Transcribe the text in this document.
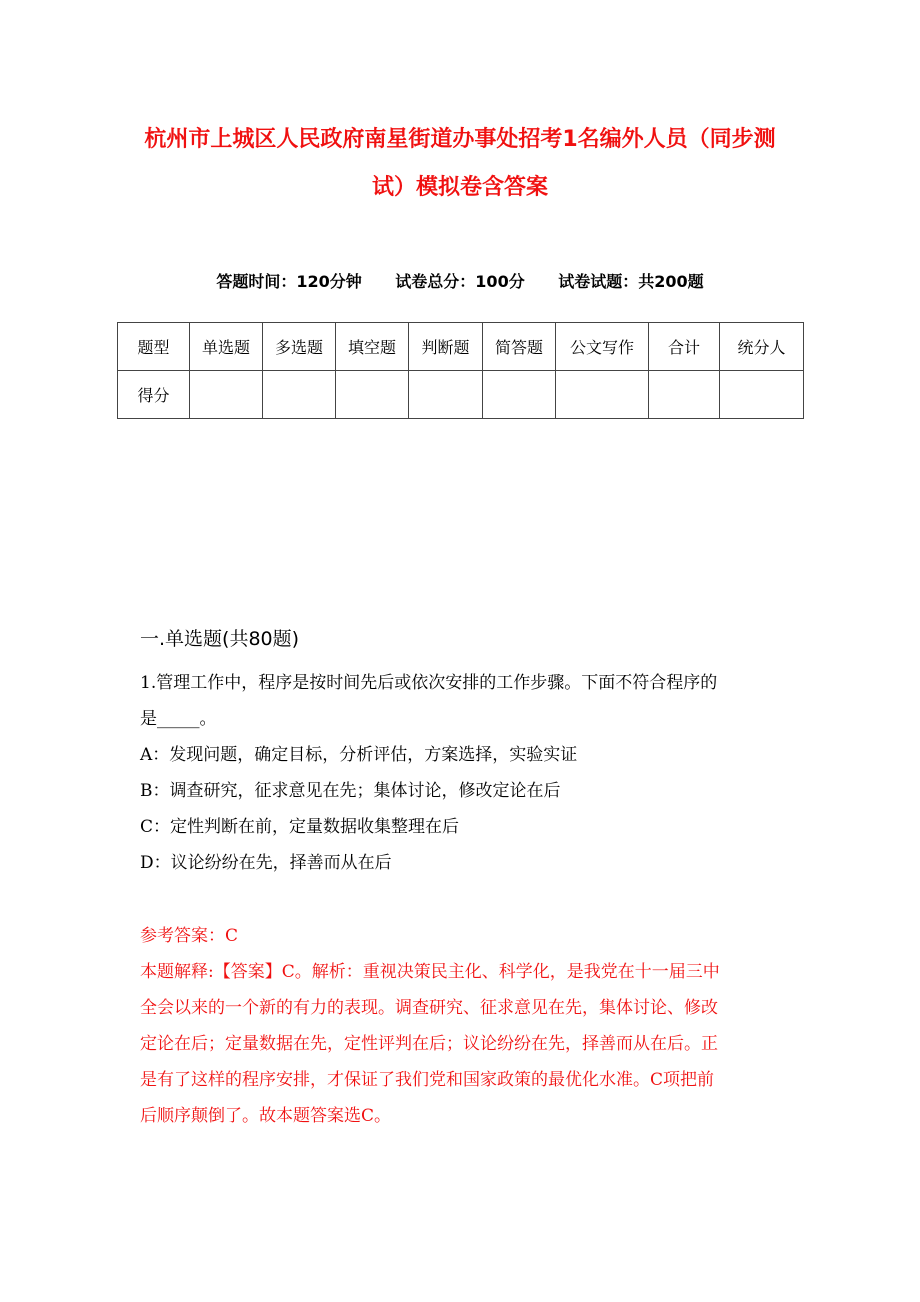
杭州市上城区人民政府南星街道办事处招考1名编外人员（同步测
试）模拟卷含答案
答题时间：120分钟 试卷总分：100分 试卷试题：共200题
题型	单选题	多选题	填空题	判断题	简答题	公文写作	合计	统分人
得分								
一.单选题(共80题)
1.管理工作中，程序是按时间先后或依次安排的工作步骤。下面不符合程序的
是_____。
A：发现问题，确定目标，分析评估，方案选择，实验实证
B：调查研究，征求意见在先；集体讨论，修改定论在后
C：定性判断在前，定量数据收集整理在后
D：议论纷纷在先，择善而从在后
参考答案：C
本题解释:【答案】C。解析：重视决策民主化、科学化，是我党在十一届三中
全会以来的一个新的有力的表现。调查研究、征求意见在先，集体讨论、修改
定论在后；定量数据在先，定性评判在后；议论纷纷在先，择善而从在后。正
是有了这样的程序安排，才保证了我们党和国家政策的最优化水准。C项把前
后顺序颠倒了。故本题答案选C。
